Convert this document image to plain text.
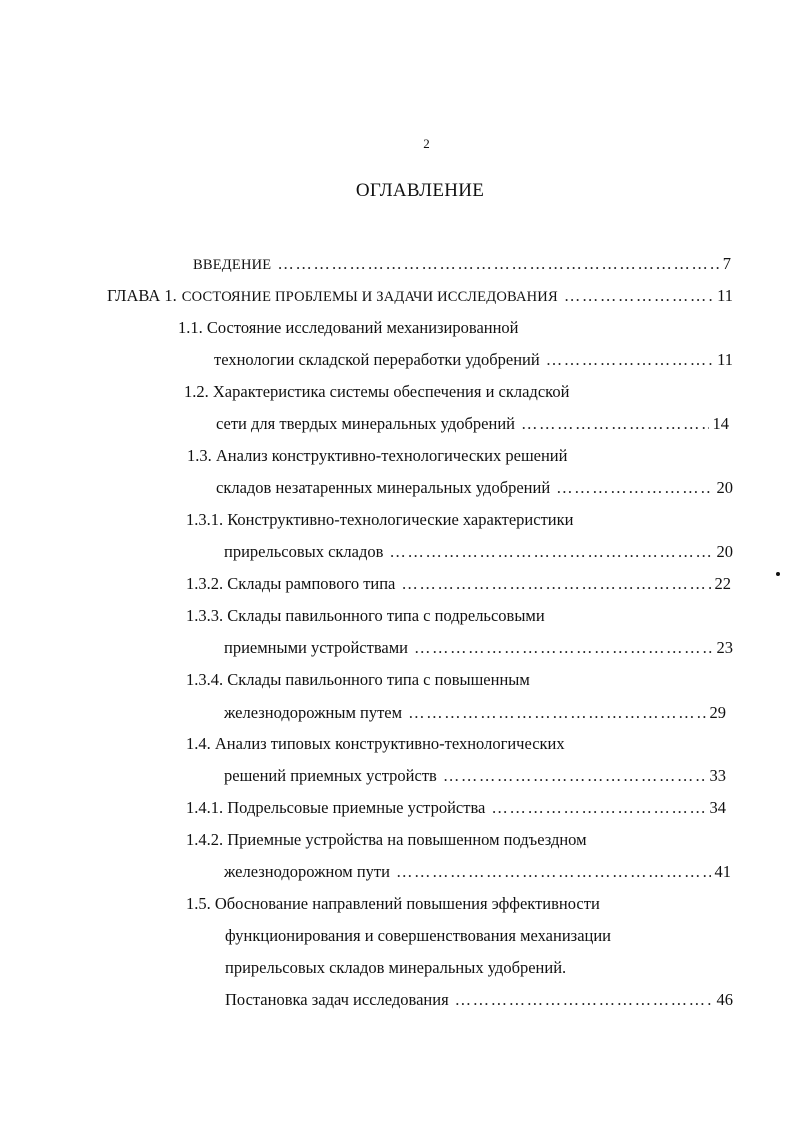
2
ОГЛАВЛЕНИЕ
ВВЕДЕНИЕ ……………………………………………………………………………………………………………………………………………………………………	7
ГЛАВА 1. СОСТОЯНИЕ ПРОБЛЕМЫ И ЗАДАЧИ ИССЛЕДОВАНИЯ ……………………………………………………………………………………………………………………………………………………………………	11
1.1. Состояние исследований механизированной
технологии складской переработки удобрений ……………………………………………………………………………………………………………………………………………………………………	11
1.2. Характеристика системы обеспечения и складской
сети для твердых минеральных удобрений ……………………………………………………………………………………………………………………………………………………………………	14
1.3. Анализ конструктивно-технологических решений
складов незатаренных минеральных удобрений ……………………………………………………………………………………………………………………………………………………………………	20
1.3.1. Конструктивно-технологические характеристики
прирельсовых складов ……………………………………………………………………………………………………………………………………………………………………	20
1.3.2. Склады рампового типа ……………………………………………………………………………………………………………………………………………………………………	22
1.3.3. Склады павильонного типа с подрельсовыми
приемными устройствами ……………………………………………………………………………………………………………………………………………………………………	23
1.3.4. Склады павильонного типа с повышенным
железнодорожным путем ……………………………………………………………………………………………………………………………………………………………………	29
1.4. Анализ типовых конструктивно-технологических
решений приемных устройств ……………………………………………………………………………………………………………………………………………………………………	33
1.4.1. Подрельсовые приемные устройства ……………………………………………………………………………………………………………………………………………………………………	34
1.4.2. Приемные устройства на повышенном подъездном
железнодорожном пути ……………………………………………………………………………………………………………………………………………………………………	41
1.5. Обоснование направлений повышения эффективности
функционирования и совершенствования механизации
прирельсовых складов минеральных удобрений.
Постановка задач исследования ……………………………………………………………………………………………………………………………………………………………………	46
